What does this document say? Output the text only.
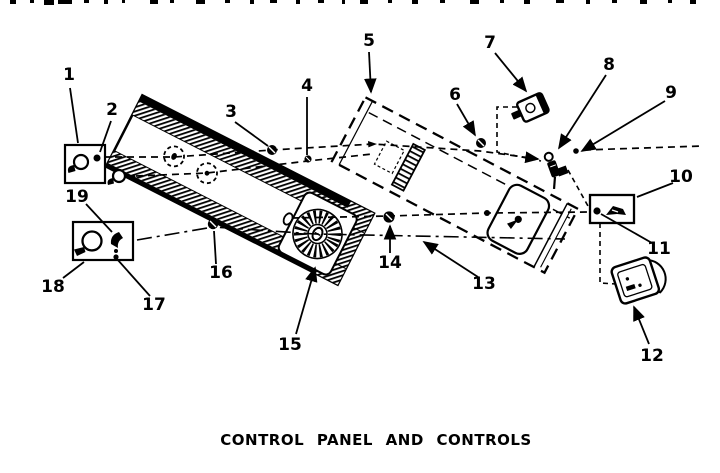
1
2	3
4
5
6
7
8
9
10
11
12
13
14
15
16
17
18
19
CONTROL PANEL AND CONTROLS
